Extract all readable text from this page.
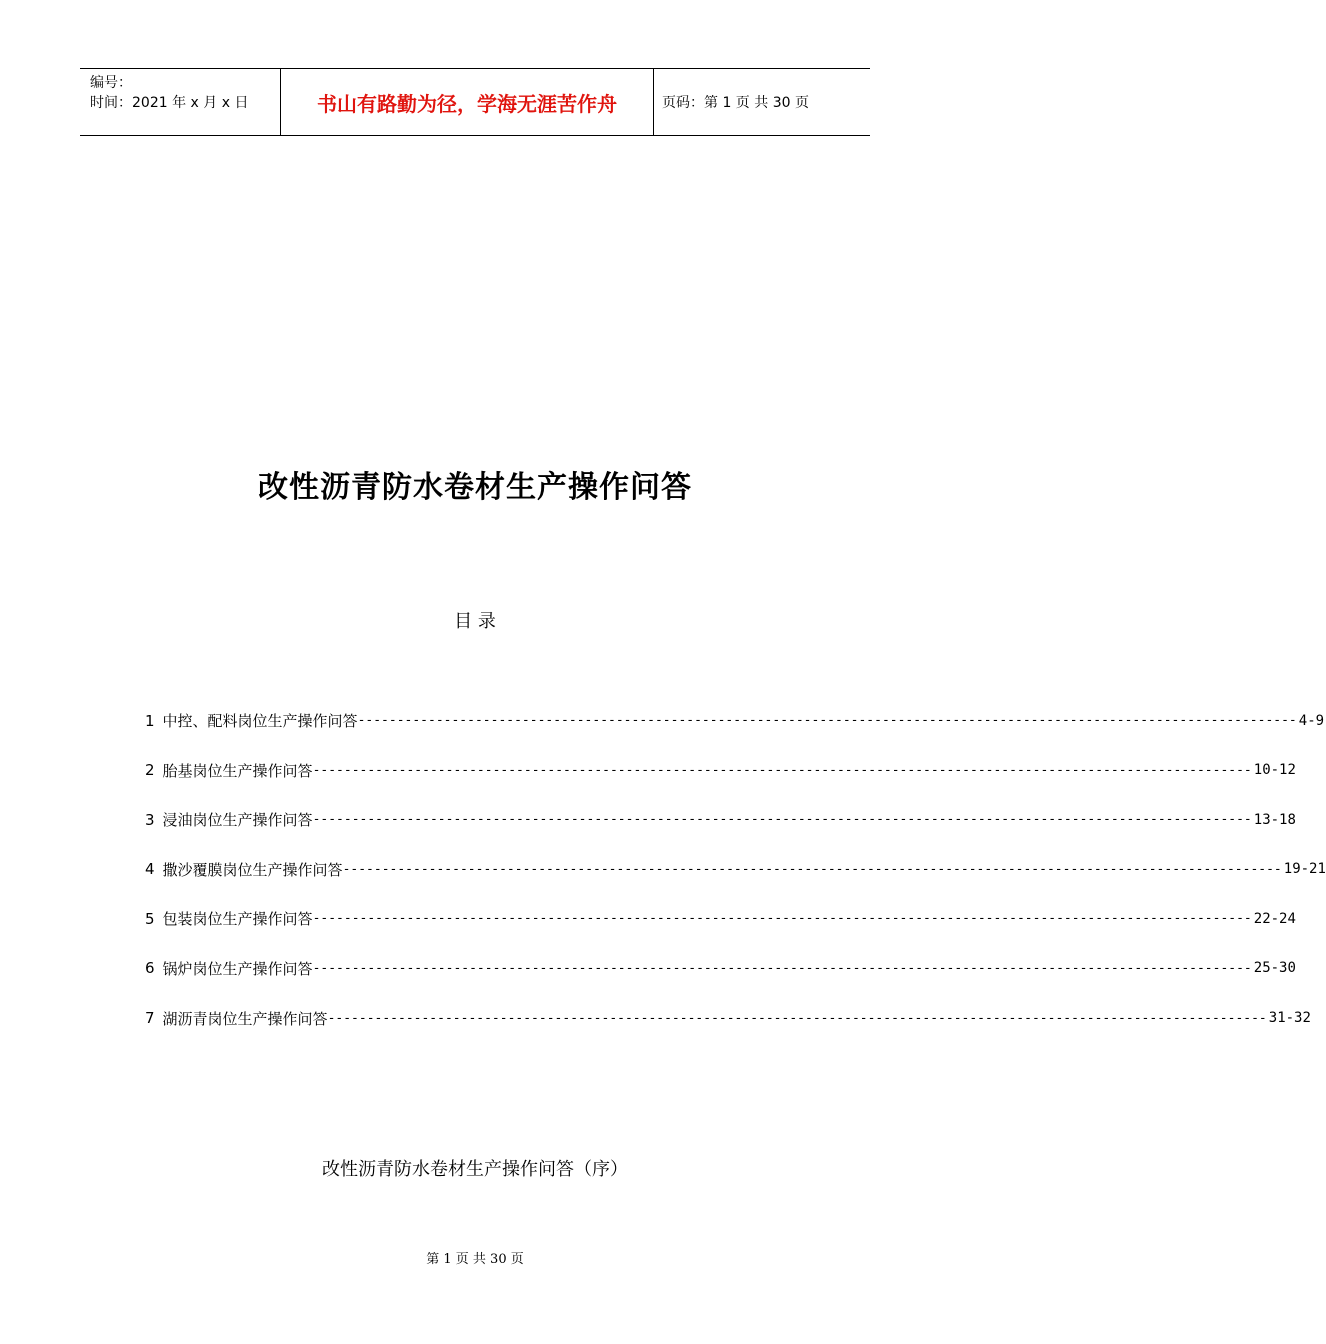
编号：
时间：2021 年 x 月 x 日	书山有路勤为径，学海无涯苦作舟	页码：第 1 页 共 30 页
改性沥青防水卷材生产操作问答
目 录
1 中控、配料岗位生产操作问答 ------------------------------------------------------------------------------------------------------------------------ 4-9
2 胎基岗位生产操作问答 ------------------------------------------------------------------------------------------------------------------------ 10-12
3 浸油岗位生产操作问答 ------------------------------------------------------------------------------------------------------------------------ 13-18
4 撒沙覆膜岗位生产操作问答 ------------------------------------------------------------------------------------------------------------------------ 19-21
5 包装岗位生产操作问答 ------------------------------------------------------------------------------------------------------------------------ 22-24
6 锅炉岗位生产操作问答 ------------------------------------------------------------------------------------------------------------------------ 25-30
7 湖沥青岗位生产操作问答 ------------------------------------------------------------------------------------------------------------------------ 31-32
改性沥青防水卷材生产操作问答（序）
第 1 页 共 30 页
